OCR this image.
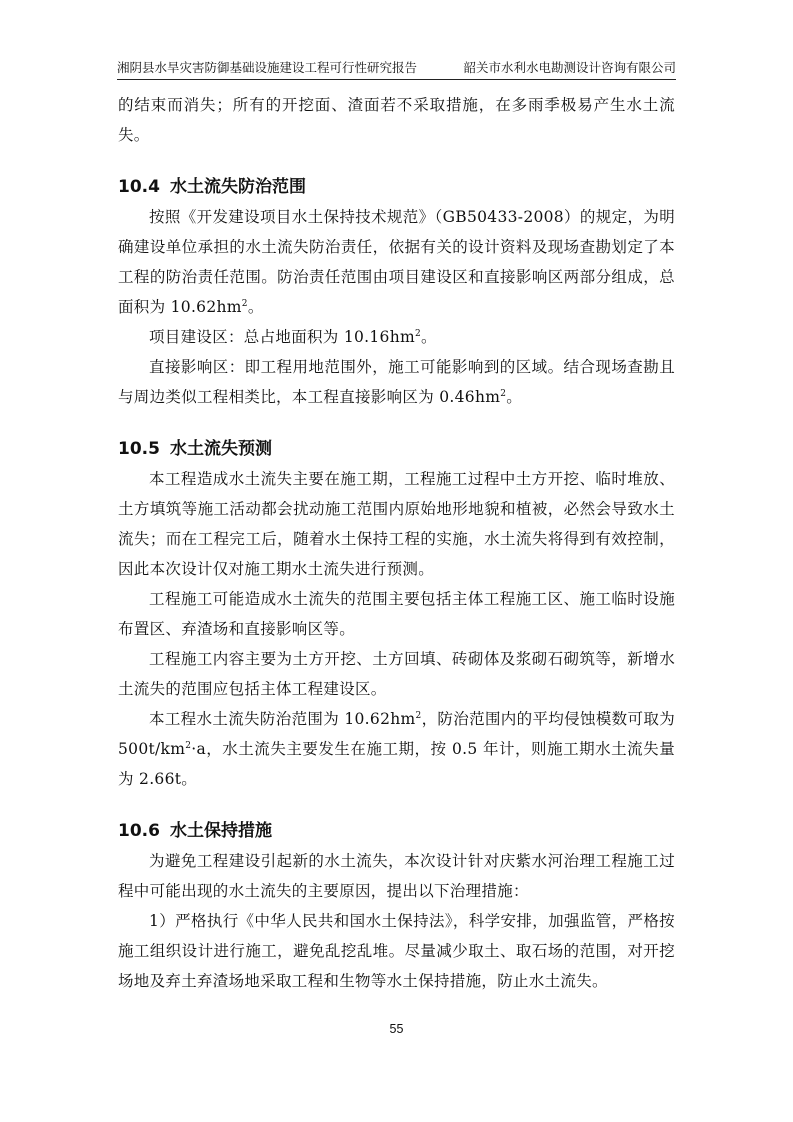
湘阴县水旱灾害防御基础设施建设工程可行性研究报告	韶关市水利水电勘测设计咨询有限公司

的结束而消失；所有的开挖面、渣面若不采取措施，在多雨季极易产生水土流失。

10.4 水土流失防治范围

按照《开发建设项目水土保持技术规范》（GB50433-2008）的规定，为明确建设单位承担的水土流失防治责任，依据有关的设计资料及现场查勘划定了本工程的防治责任范围。防治责任范围由项目建设区和直接影响区两部分组成，总面积为 $10.62hm^2$。

项目建设区：总占地面积为 $10.16hm^2$。

直接影响区：即工程用地范围外，施工可能影响到的区域。结合现场查勘且与周边类似工程相类比，本工程直接影响区为 $0.46hm^2$。

10.5 水土流失预测

本工程造成水土流失主要在施工期，工程施工过程中土方开挖、临时堆放、土方填筑等施工活动都会扰动施工范围内原始地形地貌和植被，必然会导致水土流失；而在工程完工后，随着水土保持工程的实施，水土流失将得到有效控制，因此本次设计仅对施工期水土流失进行预测。

工程施工可能造成水土流失的范围主要包括主体工程施工区、施工临时设施布置区、弃渣场和直接影响区等。

工程施工内容主要为土方开挖、土方回填、砖砌体及浆砌石砌筑等，新增水土流失的范围应包括主体工程建设区。

本工程水土流失防治范围为 $10.62hm^2$，防治范围内的平均侵蚀模数可取为 $500t/km^2\cdot a$，水土流失主要发生在施工期，按 0.5 年计，则施工期水土流失量为 2.66t。

10.6 水土保持措施

为避免工程建设引起新的水土流失，本次设计针对庆紫水河治理工程施工过程中可能出现的水土流失的主要原因，提出以下治理措施：

1）严格执行《中华人民共和国水土保持法》，科学安排，加强监管，严格按施工组织设计进行施工，避免乱挖乱堆。尽量减少取土、取石场的范围，对开挖场地及弃土弃渣场地采取工程和生物等水土保持措施，防止水土流失。

55
